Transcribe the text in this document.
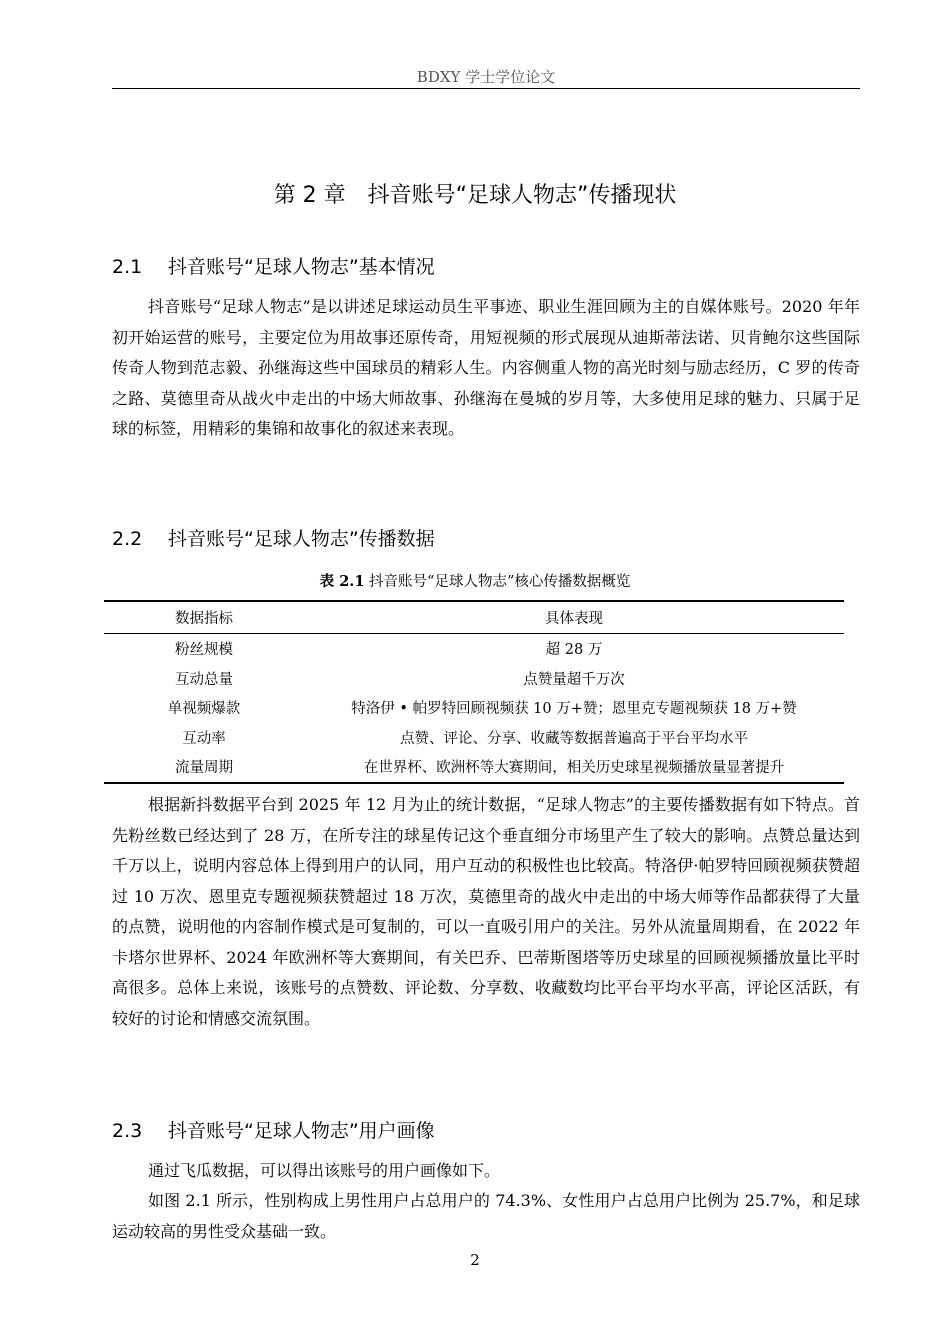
BDXY 学士学位论文
第 2 章　抖音账号“足球人物志”传播现状
2.1 抖音账号“足球人物志”基本情况

抖音账号“足球人物志”是以讲述足球运动员生平事迹、职业生涯回顾为主的自媒体账号。2020 年年初开始运营的账号，主要定位为用故事还原传奇，用短视频的形式展现从迪斯蒂法诺、贝肯鲍尔这些国际传奇人物到范志毅、孙继海这些中国球员的精彩人生。内容侧重人物的高光时刻与励志经历，C 罗的传奇之路、莫德里奇从战火中走出的中场大师故事、孙继海在曼城的岁月等，大多使用足球的魅力、只属于足球的标签，用精彩的集锦和故事化的叙述来表现。

2.2 抖音账号“足球人物志”传播数据
表 2.1 抖音账号“足球人物志”核心传播数据概览
数据指标	具体表现
粉丝规模	超 28 万
互动总量	点赞量超千万次
单视频爆款	特洛伊 • 帕罗特回顾视频获 10 万+赞；恩里克专题视频获 18 万+赞
互动率	点赞、评论、分享、收藏等数据普遍高于平台平均水平
流量周期	在世界杯、欧洲杯等大赛期间，相关历史球星视频播放量显著提升

根据新抖数据平台到 2025 年 12 月为止的统计数据，“足球人物志”的主要传播数据有如下特点。首先粉丝数已经达到了 28 万，在所专注的球星传记这个垂直细分市场里产生了较大的影响。点赞总量达到千万以上，说明内容总体上得到用户的认同，用户互动的积极性也比较高。特洛伊·帕罗特回顾视频获赞超过 10 万次、恩里克专题视频获赞超过 18 万次，莫德里奇的战火中走出的中场大师等作品都获得了大量的点赞，说明他的内容制作模式是可复制的，可以一直吸引用户的关注。另外从流量周期看，在 2022 年卡塔尔世界杯、2024 年欧洲杯等大赛期间，有关巴乔、巴蒂斯图塔等历史球星的回顾视频播放量比平时高很多。总体上来说，该账号的点赞数、评论数、分享数、收藏数均比平台平均水平高，评论区活跃，有较好的讨论和情感交流氛围。

2.3 抖音账号“足球人物志”用户画像

通过飞瓜数据，可以得出该账号的用户画像如下。

如图 2.1 所示，性别构成上男性用户占总用户的 74.3%、女性用户占总用户比例为 25.7%，和足球运动较高的男性受众基础一致。

2
